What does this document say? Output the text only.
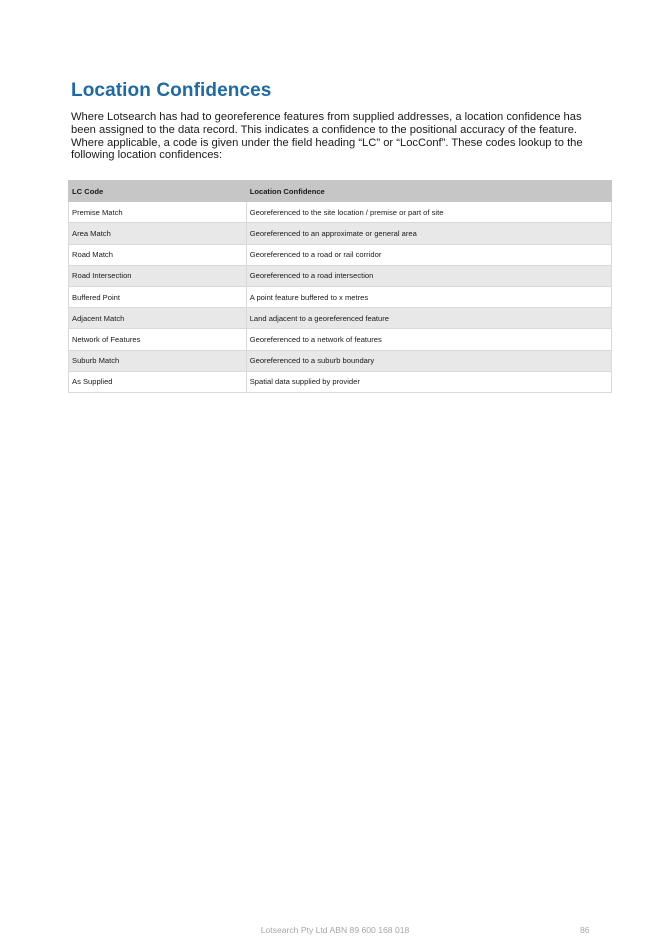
Location Confidences

Where Lotsearch has had to georeference features from supplied addresses, a location confidence has been assigned to the data record. This indicates a confidence to the positional accuracy of the feature. Where applicable, a code is given under the field heading “LC” or “LocConf”. These codes lookup to the following location confidences:

LC Code	Location Confidence
Premise Match	Georeferenced to the site location / premise or part of site
Area Match	Georeferenced to an approximate or general area
Road Match	Georeferenced to a road or rail corridor
Road Intersection	Georeferenced to a road intersection
Buffered Point	A point feature buffered to x metres
Adjacent Match	Land adjacent to a georeferenced feature
Network of Features	Georeferenced to a network of features
Suburb Match	Georeferenced to a suburb boundary
As Supplied	Spatial data supplied by provider
Lotsearch Pty Ltd ABN 89 600 168 018	86
